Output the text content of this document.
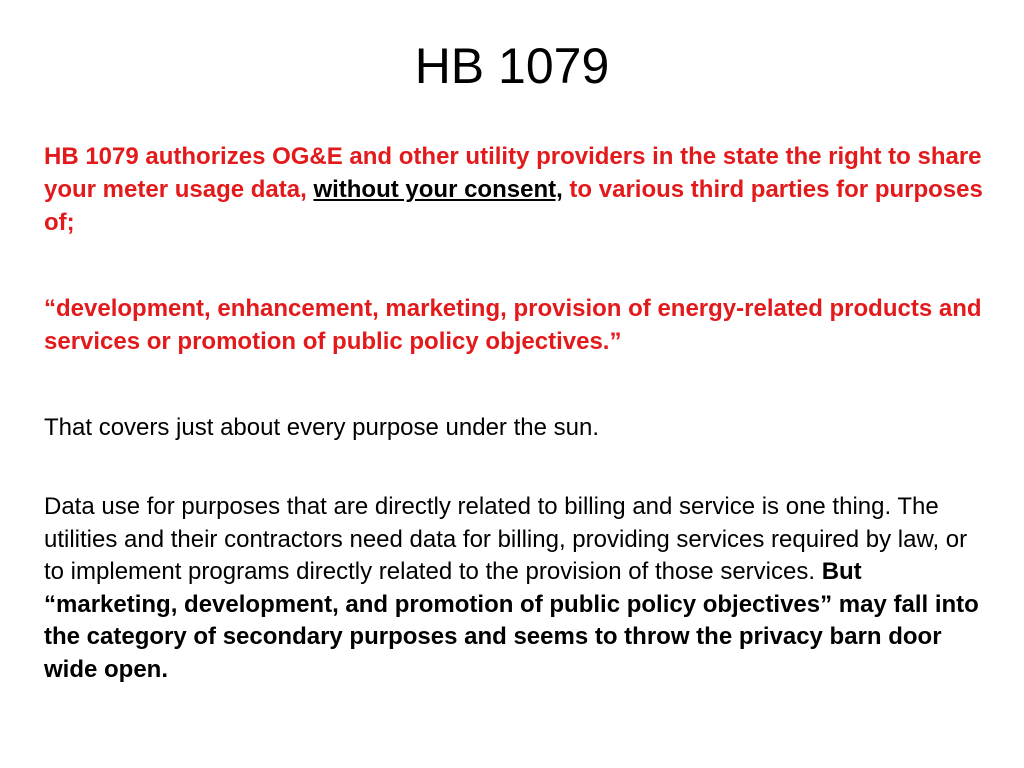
HB 1079

HB 1079 authorizes OG&E and other utility providers in the state the right to share your meter usage data, without your consent, to various third parties for purposes of;

“development, enhancement, marketing, provision of energy-related products and services or promotion of public policy objectives.”

That covers just about every purpose under the sun.

Data use for purposes that are directly related to billing and service is one thing. The utilities and their contractors need data for billing, providing services required by law, or to implement programs directly related to the provision of those services. But “marketing, development, and promotion of public policy objectives” may fall into the category of secondary purposes and seems to throw the privacy barn door wide open.
